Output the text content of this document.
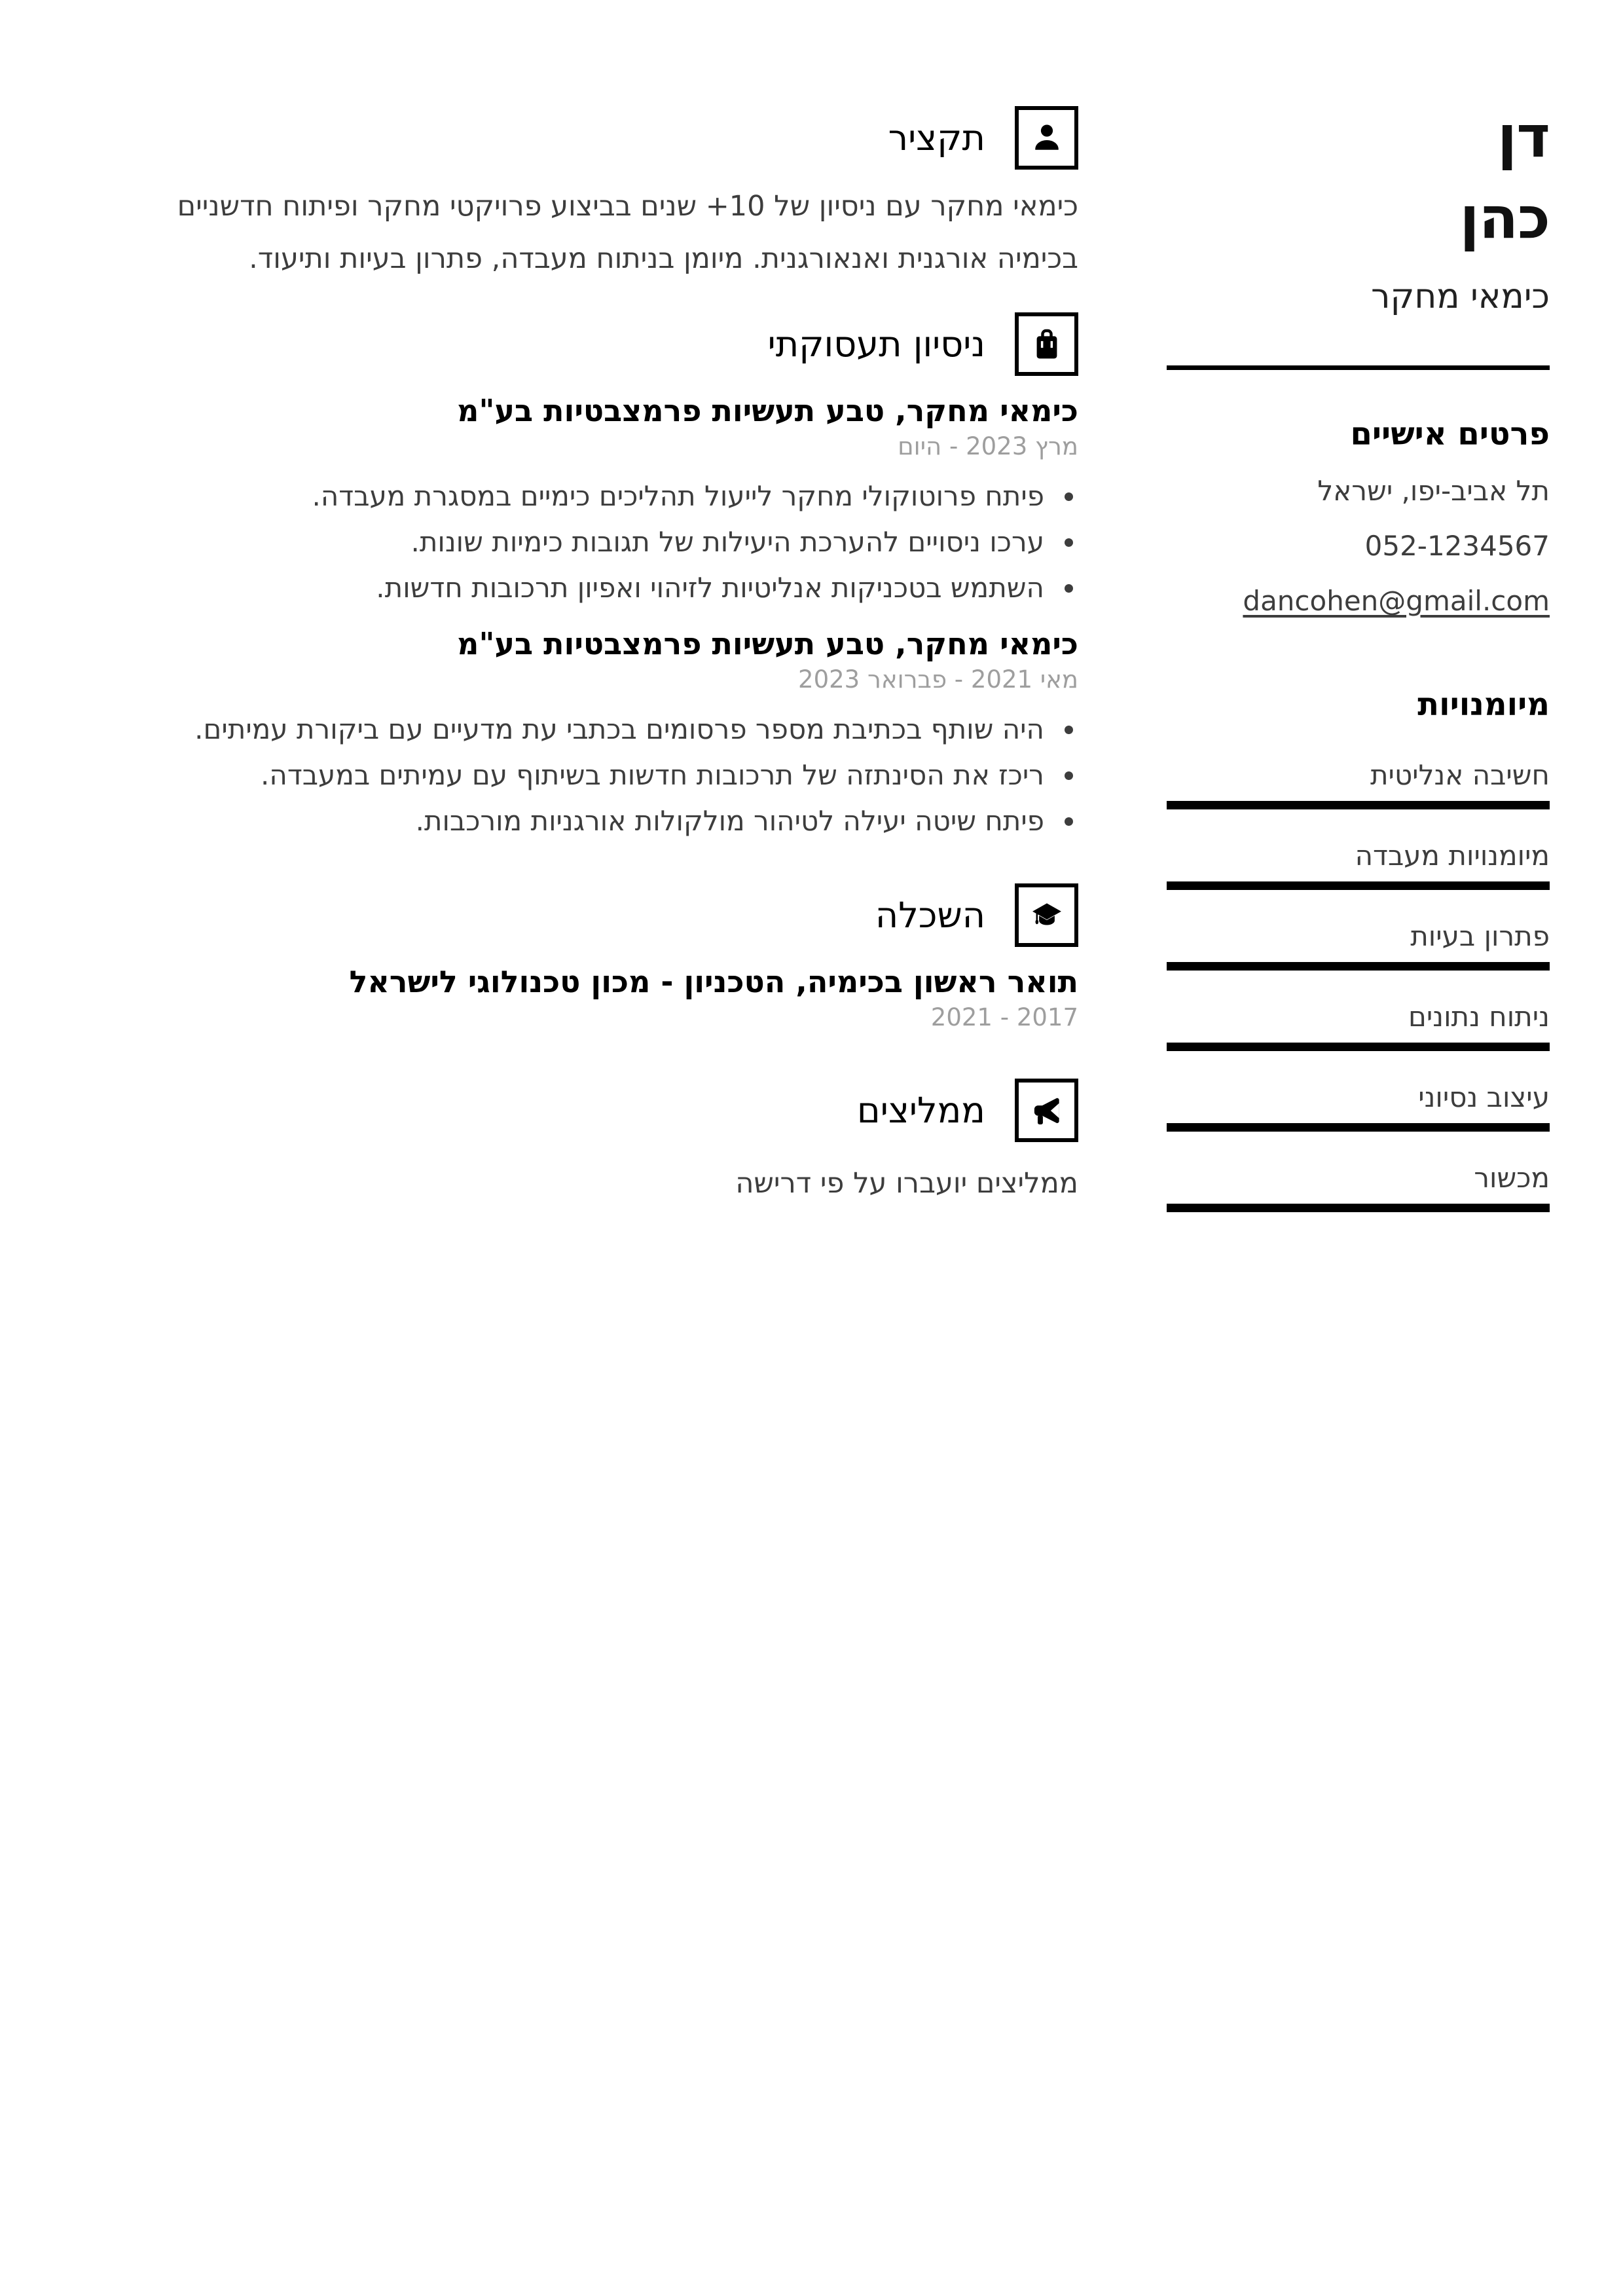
דן
כהן
כימאי מחקר
פרטים אישיים
תל אביב-יפו, ישראל
052-1234567
dancohen@gmail.com
מיומנויות
חשיבה אנליטית
מיומנויות מעבדה
פתרון בעיות
ניתוח נתונים
עיצוב נסיוני
מכשור
תקציר

כימאי מחקר עם ניסיון של 10+ שנים בביצוע פרויקטי מחקר ופיתוח חדשניים בכימיה אורגנית ואנאורגנית. מיומן בניתוח מעבדה, פתרון בעיות ותיעוד.

ניסיון תעסוקתי
כימאי מחקר, טבע תעשיות פרמצבטיות בע"מ
מרץ 2023 - היום
פיתח פרוטוקולי מחקר לייעול תהליכים כימיים במסגרת מעבדה.
ערכו ניסויים להערכת היעילות של תגובות כימיות שונות.
השתמש בטכניקות אנליטיות לזיהוי ואפיון תרכובות חדשות.
כימאי מחקר, טבע תעשיות פרמצבטיות בע"מ
מאי 2021 - פברואר 2023
היה שותף בכתיבת מספר פרסומים בכתבי עת מדעיים עם ביקורת עמיתים.
ריכז את הסינתזה של תרכובות חדשות בשיתוף עם עמיתים במעבדה.
פיתח שיטה יעילה לטיהור מולקולות אורגניות מורכבות.
השכלה
תואר ראשון בכימיה, הטכניון - מכון טכנולוגי לישראל
2017 - 2021
ממליצים
ממליצים יועברו על פי דרישה
